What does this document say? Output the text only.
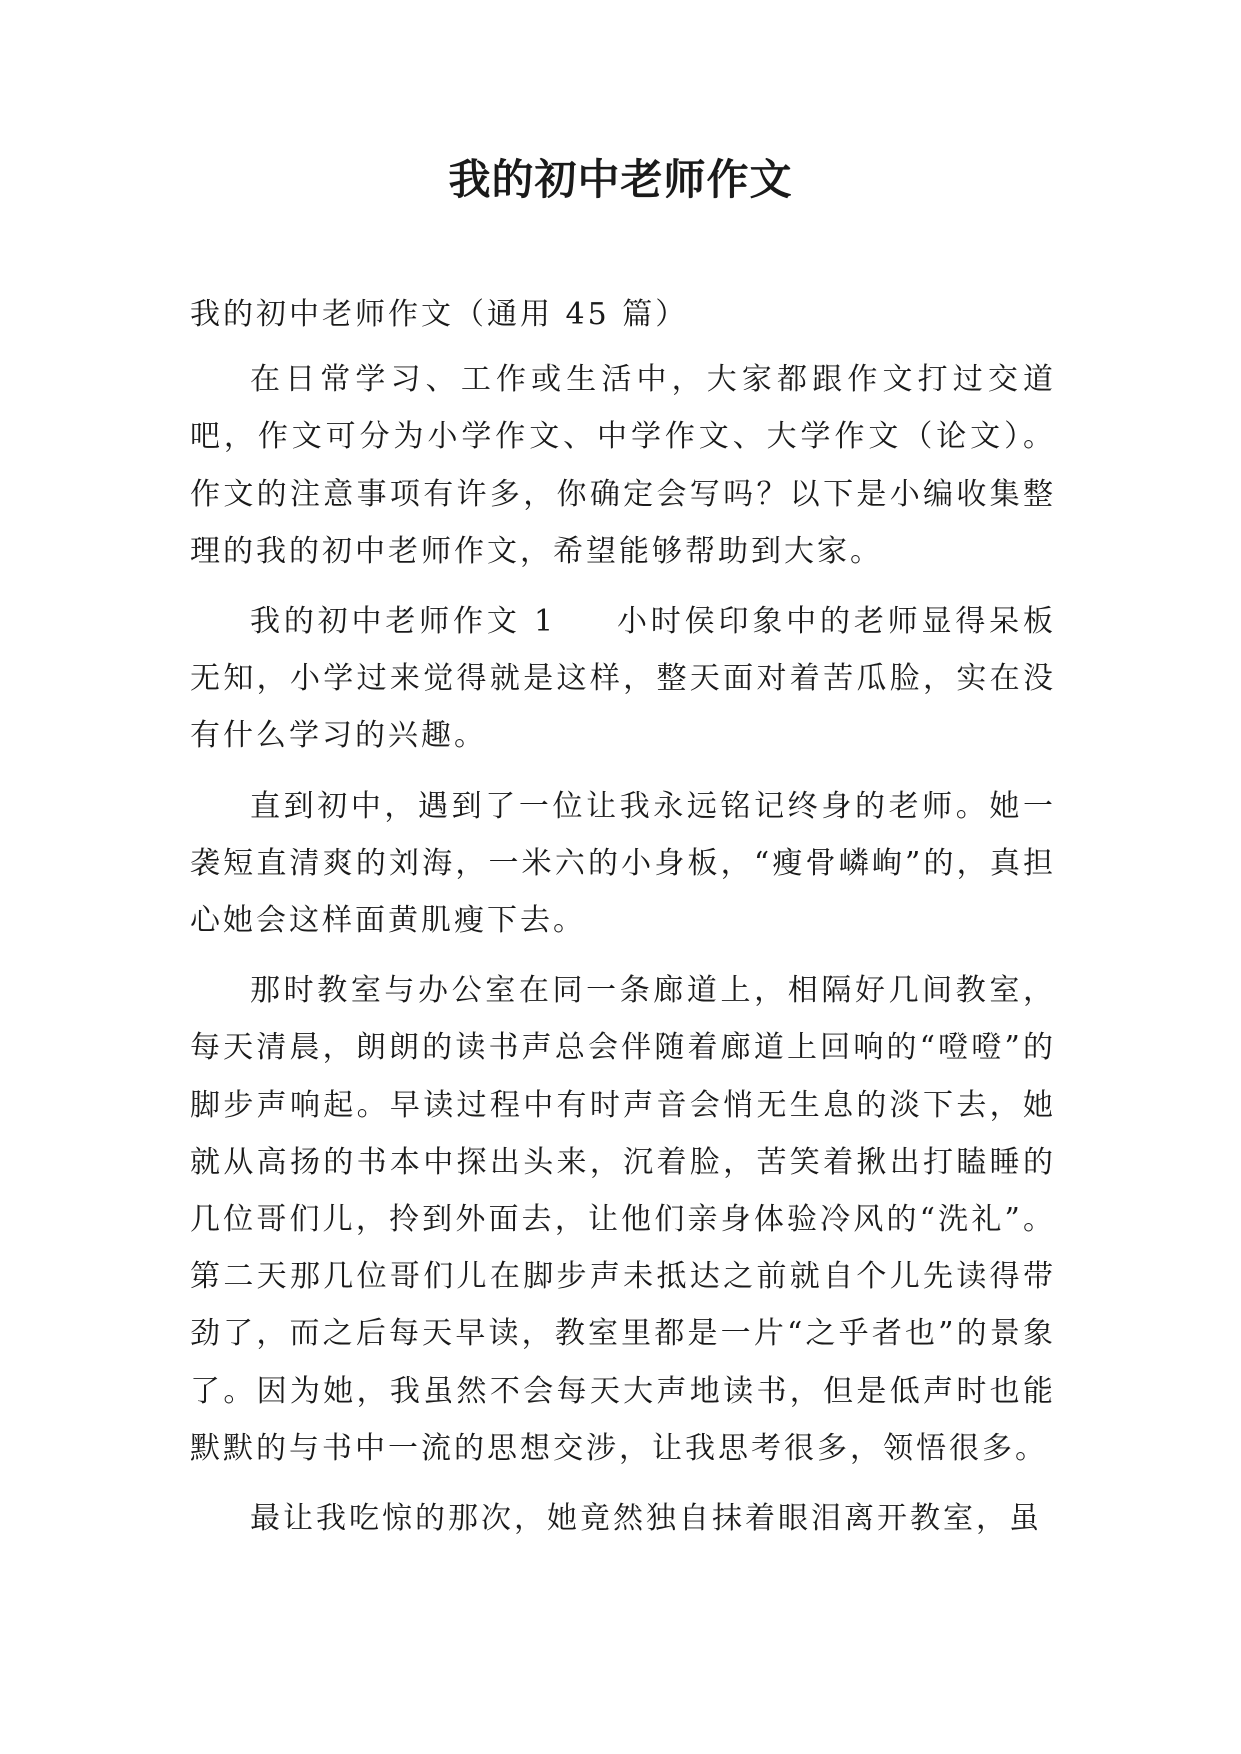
我的初中老师作文

我的初中老师作文（通用 45 篇）

在日常学习、工作或生活中，大家都跟作文打过交道吧，作文可分为小学作文、中学作文、大学作文（论文）。作文的注意事项有许多，你确定会写吗？以下是小编收集整理的我的初中老师作文，希望能够帮助到大家。

我的初中老师作文 1 小时侯印象中的老师显得呆板无知，小学过来觉得就是这样，整天面对着苦瓜脸，实在没有什么学习的兴趣。

直到初中，遇到了一位让我永远铭记终身的老师。她一袭短直清爽的刘海，一米六的小身板，“瘦骨嶙峋”的，真担心她会这样面黄肌瘦下去。

那时教室与办公室在同一条廊道上，相隔好几间教室，每天清晨，朗朗的读书声总会伴随着廊道上回响的“噔噔”的脚步声响起。早读过程中有时声音会悄无生息的淡下去，她就从高扬的书本中探出头来，沉着脸，苦笑着揪出打瞌睡的几位哥们儿，拎到外面去，让他们亲身体验冷风的“洗礼”。第二天那几位哥们儿在脚步声未抵达之前就自个儿先读得带劲了，而之后每天早读，教室里都是一片“之乎者也”的景象了。因为她，我虽然不会每天大声地读书，但是低声时也能默默的与书中一流的思想交涉，让我思考很多，领悟很多。

最让我吃惊的那次，她竟然独自抹着眼泪离开教室，虽
